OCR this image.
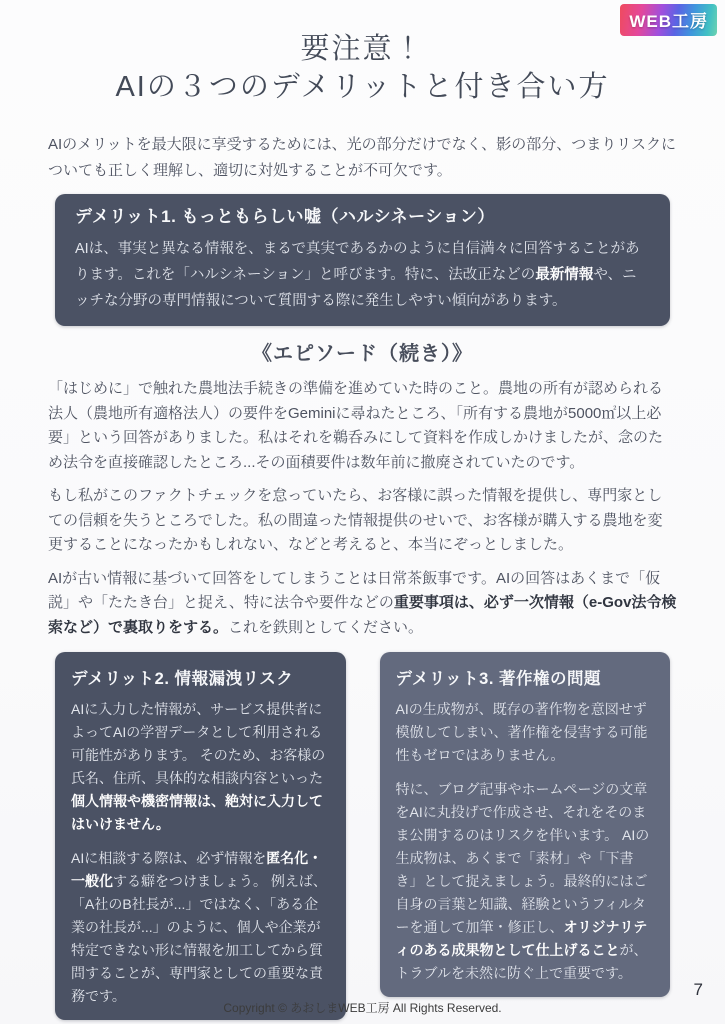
WEB工房
要注意！
AIの３つのデメリットと付き合い方

AIのメリットを最大限に享受するためには、光の部分だけでなく、影の部分、つまりリスクについても正しく理解し、適切に対処することが不可欠です。

デメリット1. もっともらしい嘘（ハルシネーション）

AIは、事実と異なる情報を、まるで真実であるかのように自信満々に回答することがあります。これを「ハルシネーション」と呼びます。特に、法改正などの最新情報や、ニッチな分野の専門情報について質問する際に発生しやすい傾向があります。

《エピソード（続き）》

「はじめに」で触れた農地法手続きの準備を進めていた時のこと。農地の所有が認められる法人（農地所有適格法人）の要件をGeminiに尋ねたところ、「所有する農地が5000㎡以上必要」という回答がありました。私はそれを鵜呑みにして資料を作成しかけましたが、念のため法令を直接確認したところ...その面積要件は数年前に撤廃されていたのです。

もし私がこのファクトチェックを怠っていたら、お客様に誤った情報を提供し、専門家としての信頼を失うところでした。私の間違った情報提供のせいで、お客様が購入する農地を変更することになったかもしれない、などと考えると、本当にぞっとしました。

AIが古い情報に基づいて回答をしてしまうことは日常茶飯事です。AIの回答はあくまで「仮説」や「たたき台」と捉え、特に法令や要件などの重要事項は、必ず一次情報（e-Gov法令検索など）で裏取りをする。これを鉄則としてください。

デメリット2. 情報漏洩リスク

AIに入力した情報が、サービス提供者によってAIの学習データとして利用される可能性があります。 そのため、お客様の氏名、住所、具体的な相談内容といった個人情報や機密情報は、絶対に入力してはいけません。

AIに相談する際は、必ず情報を匿名化・一般化する癖をつけましょう。 例えば、「A社のB社長が...」ではなく、「ある企業の社長が...」のように、個人や企業が特定できない形に情報を加工してから質問することが、専門家としての重要な責務です。

デメリット3. 著作権の問題

AIの生成物が、既存の著作物を意図せず模倣してしまい、著作権を侵害する可能性もゼロではありません。

特に、ブログ記事やホームページの文章をAIに丸投げで作成させ、それをそのまま公開するのはリスクを伴います。 AIの生成物は、あくまで「素材」や「下書き」として捉えましょう。最終的にはご自身の言葉と知識、経験というフィルターを通して加筆・修正し、オリジナリティのある成果物として仕上げることが、トラブルを未然に防ぐ上で重要です。

Copyright © あおしまWEB工房 All Rights Reserved.
7
